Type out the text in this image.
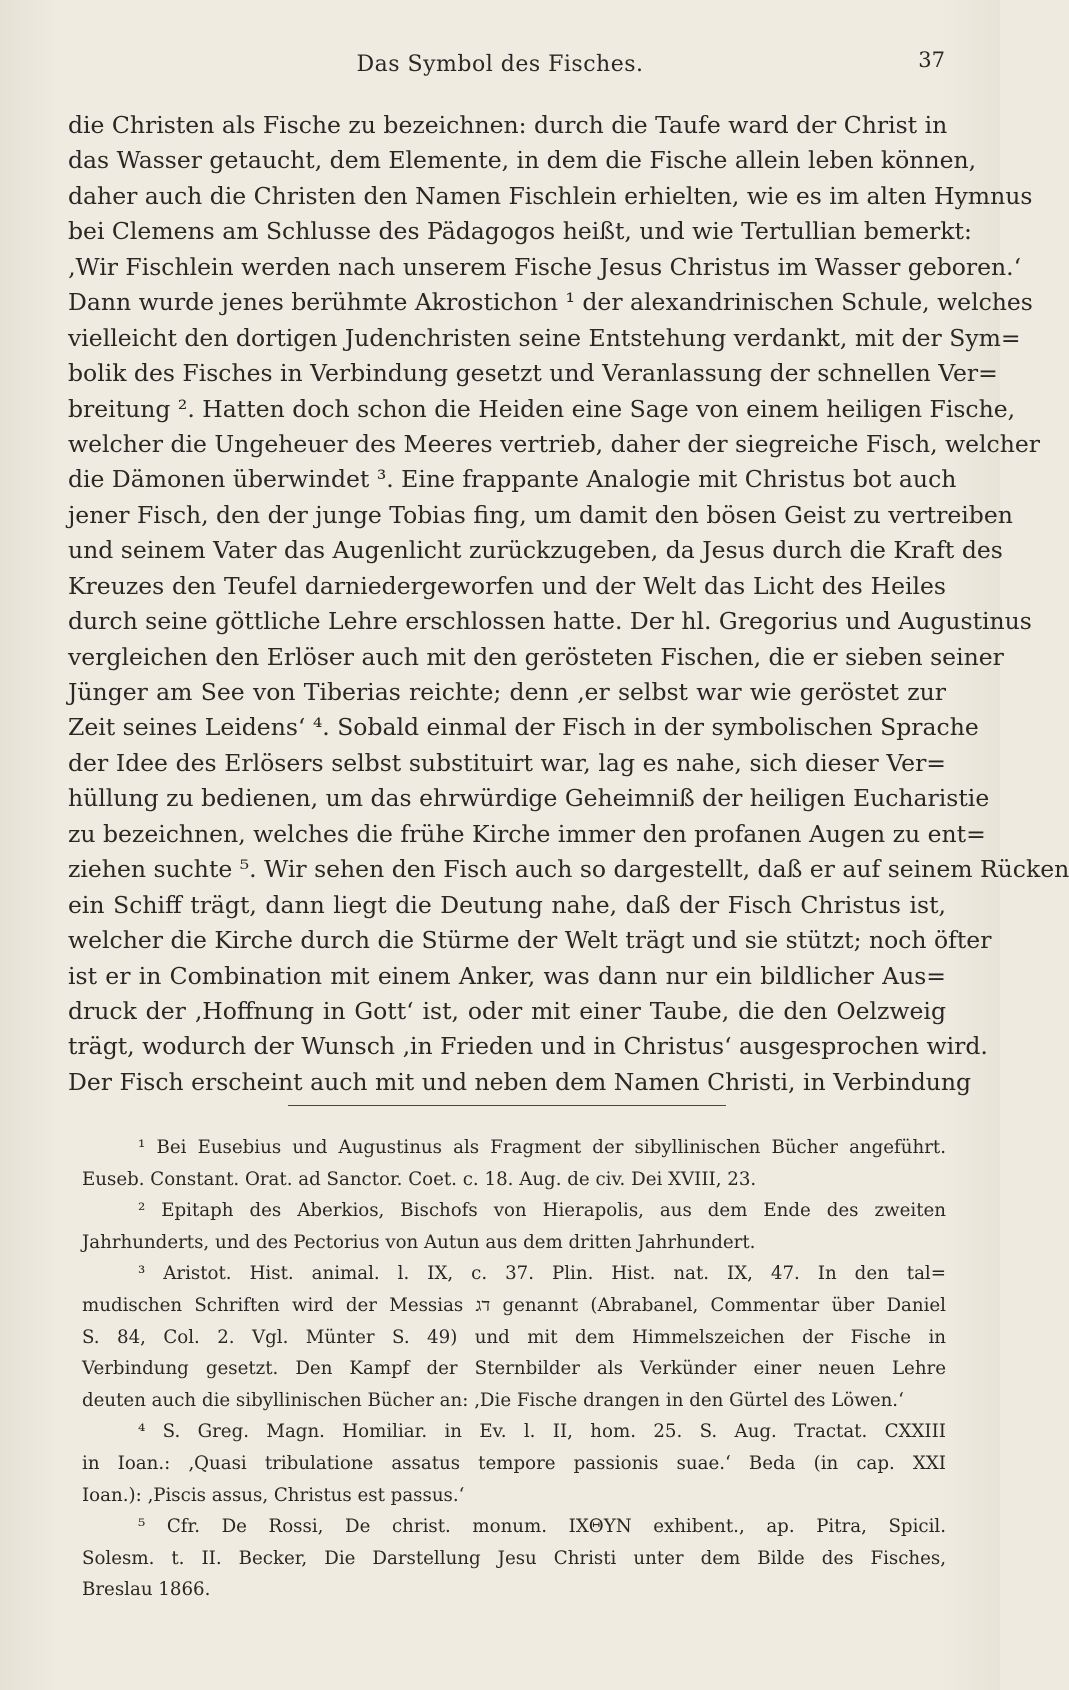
Das Symbol des Fisches.	37
die Christen als Fische zu bezeichnen: durch die Taufe ward der Christ in
das Wasser getaucht, dem Elemente, in dem die Fische allein leben können,
daher auch die Christen den Namen Fischlein erhielten, wie es im alten Hymnus
bei Clemens am Schlusse des Pädagogos heißt, und wie Tertullian bemerkt:
‚Wir Fischlein werden nach unserem Fische Jesus Christus im Wasser geboren.‘
Dann wurde jenes berühmte Akrostichon ¹ der alexandrinischen Schule, welches
vielleicht den dortigen Judenchristen seine Entstehung verdankt, mit der Sym=
bolik des Fisches in Verbindung gesetzt und Veranlassung der schnellen Ver=
breitung ². Hatten doch schon die Heiden eine Sage von einem heiligen Fische,
welcher die Ungeheuer des Meeres vertrieb, daher der siegreiche Fisch, welcher
die Dämonen überwindet ³. Eine frappante Analogie mit Christus bot auch
jener Fisch, den der junge Tobias fing, um damit den bösen Geist zu vertreiben
und seinem Vater das Augenlicht zurückzugeben, da Jesus durch die Kraft des
Kreuzes den Teufel darniedergeworfen und der Welt das Licht des Heiles
durch seine göttliche Lehre erschlossen hatte. Der hl. Gregorius und Augustinus
vergleichen den Erlöser auch mit den gerösteten Fischen, die er sieben seiner
Jünger am See von Tiberias reichte; denn ‚er selbst war wie geröstet zur
Zeit seines Leidens‘ ⁴. Sobald einmal der Fisch in der symbolischen Sprache
der Idee des Erlösers selbst substituirt war, lag es nahe, sich dieser Ver=
hüllung zu bedienen, um das ehrwürdige Geheimniß der heiligen Eucharistie
zu bezeichnen, welches die frühe Kirche immer den profanen Augen zu ent=
ziehen suchte ⁵. Wir sehen den Fisch auch so dargestellt, daß er auf seinem Rücken
ein Schiff trägt, dann liegt die Deutung nahe, daß der Fisch Christus ist,
welcher die Kirche durch die Stürme der Welt trägt und sie stützt; noch öfter
ist er in Combination mit einem Anker, was dann nur ein bildlicher Aus=
druck der ‚Hoffnung in Gott‘ ist, oder mit einer Taube, die den Oelzweig
trägt, wodurch der Wunsch ‚in Frieden und in Christus‘ ausgesprochen wird.
Der Fisch erscheint auch mit und neben dem Namen Christi, in Verbindung
¹ Bei Eusebius und Augustinus als Fragment der sibyllinischen Bücher angeführt.
Euseb. Constant. Orat. ad Sanctor. Coet. c. 18. Aug. de civ. Dei XVIII, 23.
² Epitaph des Aberkios, Bischofs von Hierapolis, aus dem Ende des zweiten
Jahrhunderts, und des Pectorius von Autun aus dem dritten Jahrhundert.
³ Aristot. Hist. animal. l. IX, c. 37. Plin. Hist. nat. IX, 47. In den tal=
mudischen Schriften wird der Messias דג genannt (Abrabanel, Commentar über Daniel
S. 84, Col. 2. Vgl. Münter S. 49) und mit dem Himmelszeichen der Fische in
Verbindung gesetzt. Den Kampf der Sternbilder als Verkünder einer neuen Lehre
deuten auch die sibyllinischen Bücher an: ‚Die Fische drangen in den Gürtel des Löwen.‘
⁴ S. Greg. Magn. Homiliar. in Ev. l. II, hom. 25. S. Aug. Tractat. CXXIII
in Ioan.: ‚Quasi tribulatione assatus tempore passionis suae.‘ Beda (in cap. XXI
Ioan.): ‚Piscis assus, Christus est passus.‘
⁵ Cfr. De Rossi, De christ. monum. IXΘYN exhibent., ap. Pitra, Spicil.
Solesm. t. II. Becker, Die Darstellung Jesu Christi unter dem Bilde des Fisches,
Breslau 1866.
